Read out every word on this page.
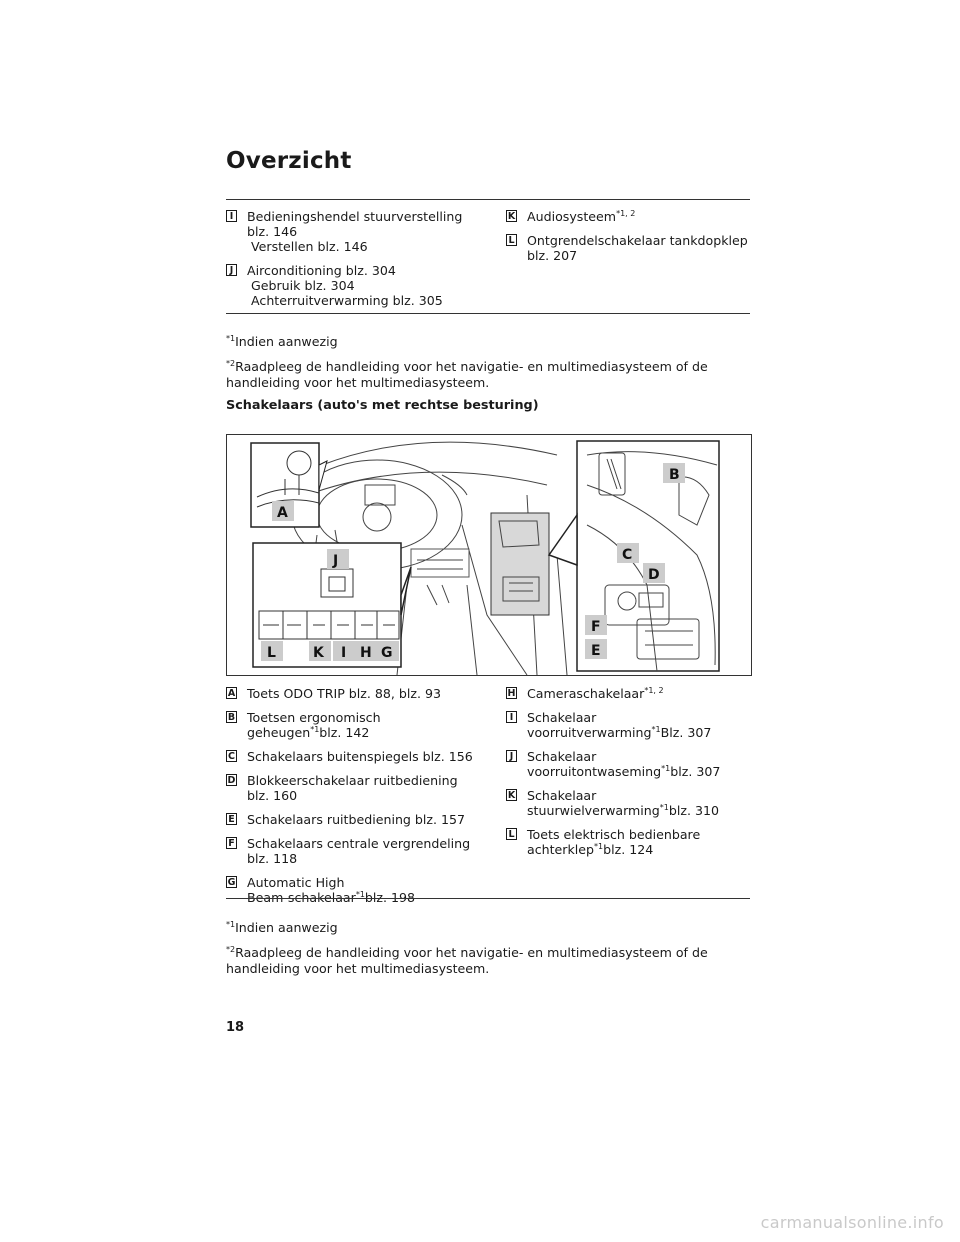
Overzicht
I Bedieningshendel stuurverstelling
blz. 146
Verstellen blz. 146
J Airconditioning blz. 304
Gebruik blz. 304
Achterruitverwarming blz. 305
K Audiosysteem$^{*1, 2}$
L Ontgrendelschakelaar tankdopklep
blz. 207
$^{*1}$Indien aanwezig
$^{*2}$Raadpleeg de handleiding voor het navigatie- en multimediasysteem of de handleiding voor het multimediasysteem.
Schakelaars (auto's met rechtse besturing)
A
B
C
D
F
E
J
L	K I H G
A Toets ODO TRIP blz. 88, blz. 93
B Toetsen ergonomisch
geheugen$^{*1}$blz. 142
C Schakelaars buitenspiegels blz. 156
D Blokkeerschakelaar ruitbediening
blz. 160
E Schakelaars ruitbediening blz. 157
F Schakelaars centrale vergrendeling
blz. 118
G Automatic High
Beam-schakelaar$^{*1}$blz. 198
H Cameraschakelaar$^{*1, 2}$
I Schakelaar
voorruitverwarming$^{*1}$Blz. 307
J Schakelaar
voorruitontwaseming$^{*1}$blz. 307
K Schakelaar
stuurwielverwarming$^{*1}$blz. 310
L Toets elektrisch bedienbare
achterklep$^{*1}$blz. 124
$^{*1}$Indien aanwezig
$^{*2}$Raadpleeg de handleiding voor het navigatie- en multimediasysteem of de handleiding voor het multimediasysteem.
18
carmanualsonline.info
